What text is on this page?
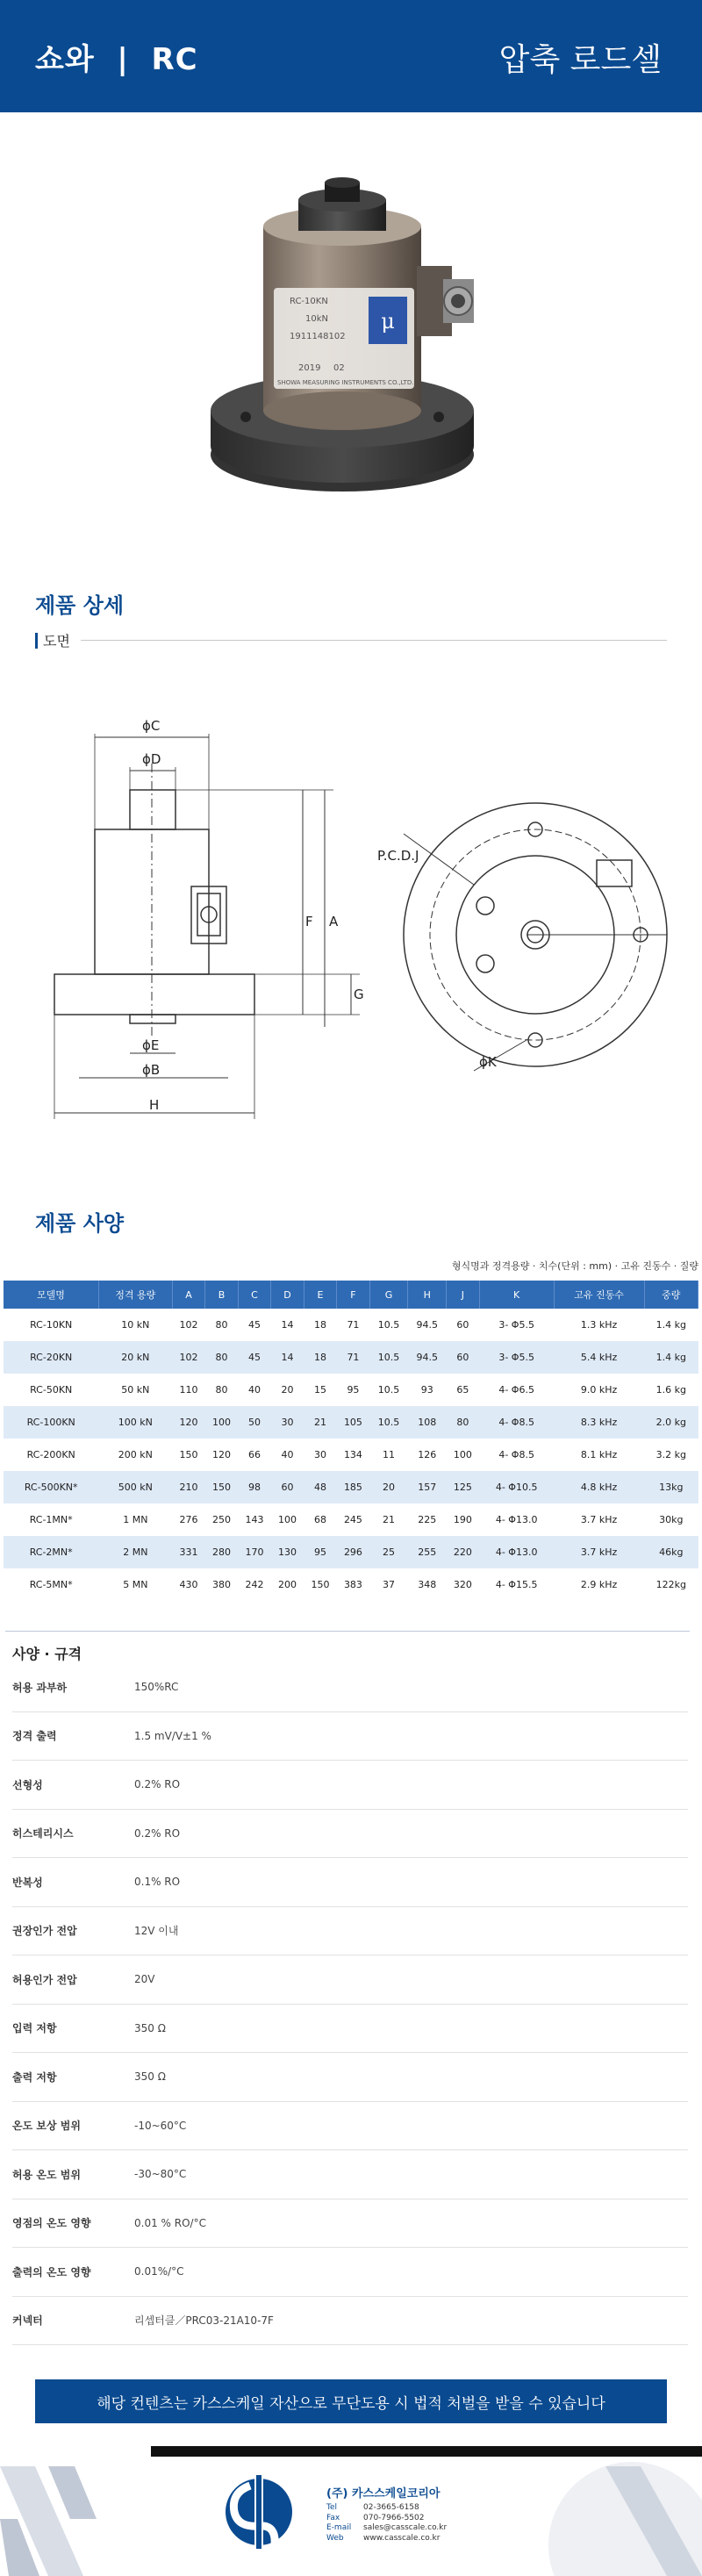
쇼와  |  RC	압축 로드셀
μ
RC-10KN
10kN
1911148102
2019 02
SHOWA MEASURING INSTRUMENTS CO.,LTD.
제품 상세
도면
ϕC
ϕD
ϕE
ϕB
H
F A
G
P.C.D.J
ϕK
제품 사양
형식명과 정격용량 · 치수(단위 : mm) · 고유 진동수 · 질량
모델명	정격 용량	A	B	C	D	E	F	G	H	J	K	고유 진동수	중량
RC-10KN	10 kN	102	80	45	14	18	71	10.5	94.5	60	3- Φ5.5	1.3 kHz	1.4 kg
RC-20KN	20 kN	102	80	45	14	18	71	10.5	94.5	60	3- Φ5.5	5.4 kHz	1.4 kg
RC-50KN	50 kN	110	80	40	20	15	95	10.5	93	65	4- Φ6.5	9.0 kHz	1.6 kg
RC-100KN	100 kN	120	100	50	30	21	105	10.5	108	80	4- Φ8.5	8.3 kHz	2.0 kg
RC-200KN	200 kN	150	120	66	40	30	134	11	126	100	4- Φ8.5	8.1 kHz	3.2 kg
RC-500KN*	500 kN	210	150	98	60	48	185	20	157	125	4- Φ10.5	4.8 kHz	13kg
RC-1MN*	1 MN	276	250	143	100	68	245	21	225	190	4- Φ13.0	3.7 kHz	30kg
RC-2MN*	2 MN	331	280	170	130	95	296	25	255	220	4- Φ13.0	3.7 kHz	46kg
RC-5MN*	5 MN	430	380	242	200	150	383	37	348	320	4- Φ15.5	2.9 kHz	122kg
사양 · 규격
허용 과부하	150%RC
정격 출력	1.5 mV/V±1 %
선형성	0.2% RO
히스테리시스	0.2% RO
반복성	0.1% RO
권장인가 전압	12V 이내
허용인가 전압	20V
입력 저항	350 Ω
출력 저항	350 Ω
온도 보상 범위	-10~60°C
허용 온도 범위	-30~80°C
영점의 온도 영향	0.01 % RO/°C
출력의 온도 영향	0.01%/°C
커넥터	리셉터클／PRC03-21A10-7F
해당 컨텐츠는 카스스케일 자산으로 무단도용 시 법적 처벌을 받을 수 있습니다
(주) 카스스케일코리아
Tel	02-3665-6158
Fax	070-7966-5502
E-mail sales@casscale.co.kr
Web www.casscale.co.kr
